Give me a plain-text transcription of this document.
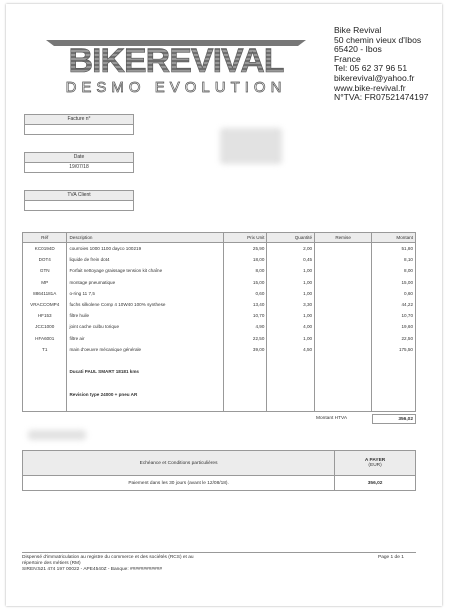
BIKEREVIVAL
DESMO EVOLUTION
Bike Revival
50 chemin vieux d'Ibos
65420 - Ibos
France
Tel: 05 62 37 96 51
bikerevival@yahoo.fr
www.bike-revival.fr
N°TVA: FR07521474197
Facture n°
Date
19/07/18
TVA Client
Réf	Description	Prix Unit	Quantité	Remise	Montant
KC0194D	courroies 1000 1100 dayco 100219	25,90	2,00		51,80
DOT4	liquide de frein dot4	18,00	0,45		8,10
GTN	Forfait nettoyage graissage tension kit chaîne	8,00	1,00		8,00
MP	montage pneumatique	15,00	1,00		15,00
88641181A	o-ring 11 7,5	0,60	1,00		0,60
VRACCOMP4	fuchs silkolene Comp 4 10W40 100% synthese	13,40	3,30		44,22
HF153	filtre huile	10,70	1,00		10,70
JCC1000	joint cache culbu torique	4,90	4,00		19,60
HFA6001	filtre air	22,50	1,00		22,50
T1	main d'oeuvre mécanique générale	39,00	4,50		175,50

	Ducati PAUL SMART 18181 kms				

	Revision type 24000 + pneu AR				

Montant HTVA	356,02
Echéance et Conditions particulières	A PAYER
(EUR)

Paiement dans les 30 jours (avant le 12/08/18).	356,02
Dispensé d'immatriculation au registre du commerce et des sociétés (RCS) et au
répertoire des métiers (RM)
SIREN:521 474 197 00022 - APE4540Z - Banque: ############
Page 1 de 1
